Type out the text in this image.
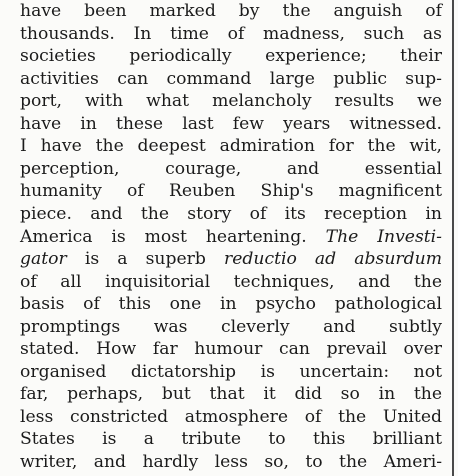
have been marked by the anguish of
thousands. In time of madness, such as
societies periodically experience; their
activities can command large public sup-
port, with what melancholy results we
have in these last few years witnessed.
I have the deepest admiration for the wit,
perception, courage, and essential
humanity of Reuben Ship's magnificent
piece. and the story of its reception in
America is most heartening. The Investi-
gator is a superb reductio ad absurdum
of all inquisitorial techniques, and the
basis of this one in psycho pathological
promptings was cleverly and subtly
stated. How far humour can prevail over
organised dictatorship is uncertain: not
far, perhaps, but that it did so in the
less constricted atmosphere of the United
States is a tribute to this brilliant
writer, and hardly less so, to the Ameri-
